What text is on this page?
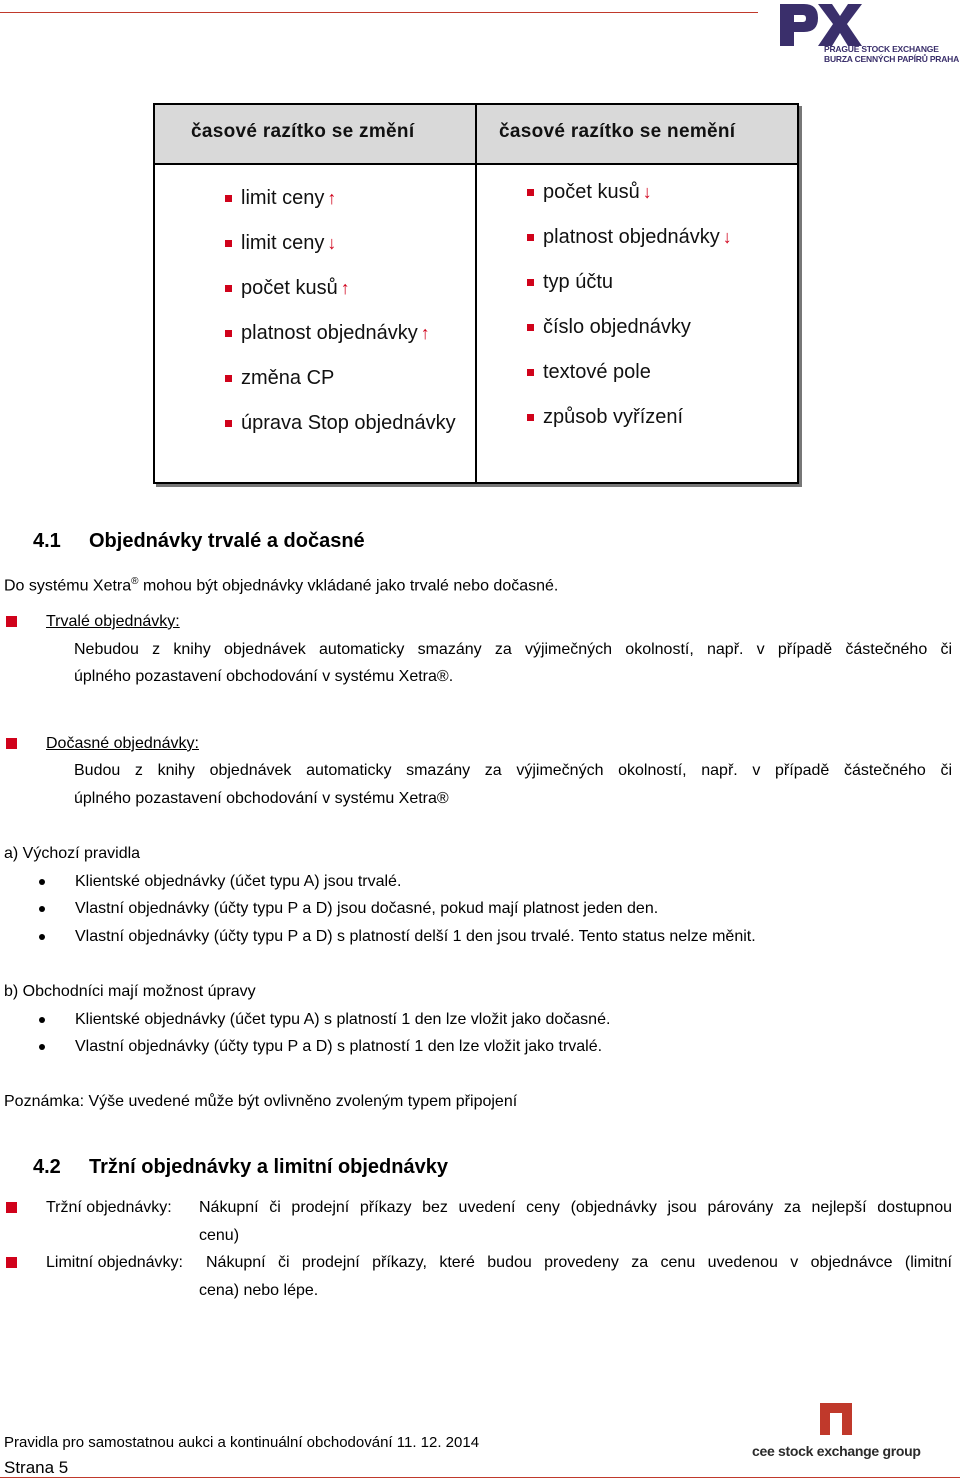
PRAGUE STOCK EXCHANGE
BURZA CENNÝCH PAPÍRŮ PRAHA
časové razítko se změní	časové razítko se nemění
limit ceny ↑
limit ceny ↓
počet kusů ↑
platnost objednávky ↑
změna CP
úprava Stop objednávky
počet kusů ↓
platnost objednávky ↓
typ účtu
číslo objednávky
textové pole
způsob vyřízení
4.1 Objednávky trvalé a dočasné
Do systému Xetra® mohou být objednávky vkládané jako trvalé nebo dočasné.
Trvalé objednávky:
Nebudou z knihy objednávek automaticky smazány za výjimečných okolností, např. v případě částečného či
úplného pozastavení obchodování v systému Xetra®.
Dočasné objednávky:
Budou z knihy objednávek automaticky smazány za výjimečných okolností, např. v případě částečného či
úplného pozastavení obchodování v systému Xetra®
a) Výchozí pravidla
Klientské objednávky (účet typu A) jsou trvalé.
Vlastní objednávky (účty typu P a D) jsou dočasné, pokud mají platnost jeden den.
Vlastní objednávky (účty typu P a D) s platností delší 1 den jsou trvalé. Tento status nelze měnit.
b) Obchodníci mají možnost úpravy
Klientské objednávky (účet typu A) s platností 1 den lze vložit jako dočasné.
Vlastní objednávky (účty typu P a D) s platností 1 den lze vložit jako trvalé.
Poznámka: Výše uvedené může být ovlivněno zvoleným typem připojení
4.2 Tržní objednávky a limitní objednávky
Tržní objednávky: Nákupní či prodejní příkazy bez uvedení ceny (objednávky jsou párovány za nejlepší dostupnou
cenu)
Limitní objednávky: Nákupní či prodejní příkazy, které budou provedeny za cenu uvedenou v objednávce (limitní
cena) nebo lépe.
Pravidla pro samostatnou aukci a kontinuální obchodování 11. 12. 2014
Strana 5
cee stock exchange group
